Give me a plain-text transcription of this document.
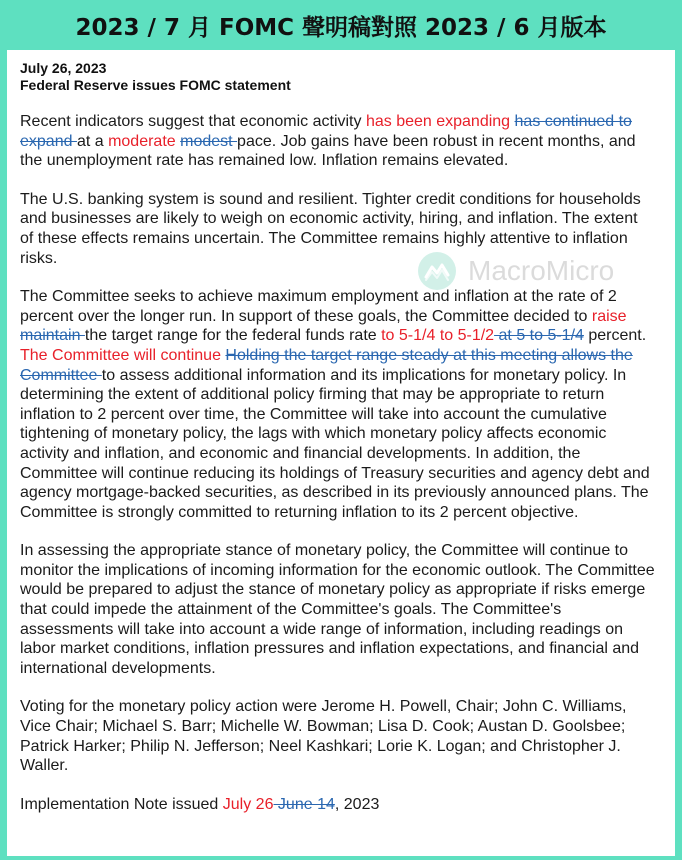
2023 / 7 月 FOMC 聲明稿對照 2023 / 6 月版本
July 26, 2023
Federal Reserve issues FOMC statement

Recent indicators suggest that economic activity has been expanding has continued to expand at a moderate modest pace. Job gains have been robust in recent months, and the unemployment rate has remained low. Inflation remains elevated.

The U.S. banking system is sound and resilient. Tighter credit conditions for households and businesses are likely to weigh on economic activity, hiring, and inflation. The extent of these effects remains uncertain. The Committee remains highly attentive to inflation risks.

The Committee seeks to achieve maximum employment and inflation at the rate of 2 percent over the longer run. In support of these goals, the Committee decided to raise maintain the target range for the federal funds rate to 5-1/4 to 5-1/2 at 5 to 5-1/4 percent. The Committee will continue Holding the target range steady at this meeting allows the Committee to assess additional information and its implications for monetary policy. In determining the extent of additional policy firming that may be appropriate to return inflation to 2 percent over time, the Committee will take into account the cumulative tightening of monetary policy, the lags with which monetary policy affects economic activity and inflation, and economic and financial developments. In addition, the Committee will continue reducing its holdings of Treasury securities and agency debt and agency mortgage-backed securities, as described in its previously announced plans. The Committee is strongly committed to returning inflation to its 2 percent objective.

In assessing the appropriate stance of monetary policy, the Committee will continue to monitor the implications of incoming information for the economic outlook. The Committee would be prepared to adjust the stance of monetary policy as appropriate if risks emerge that could impede the attainment of the Committee's goals. The Committee's assessments will take into account a wide range of information, including readings on labor market conditions, inflation pressures and inflation expectations, and financial and international developments.

Voting for the monetary policy action were Jerome H. Powell, Chair; John C. Williams, Vice Chair; Michael S. Barr; Michelle W. Bowman; Lisa D. Cook; Austan D. Goolsbee; Patrick Harker; Philip N. Jefferson; Neel Kashkari; Lorie K. Logan; and Christopher J. Waller.

Implementation Note issued July 26 June 14, 2023

MacroMicro
